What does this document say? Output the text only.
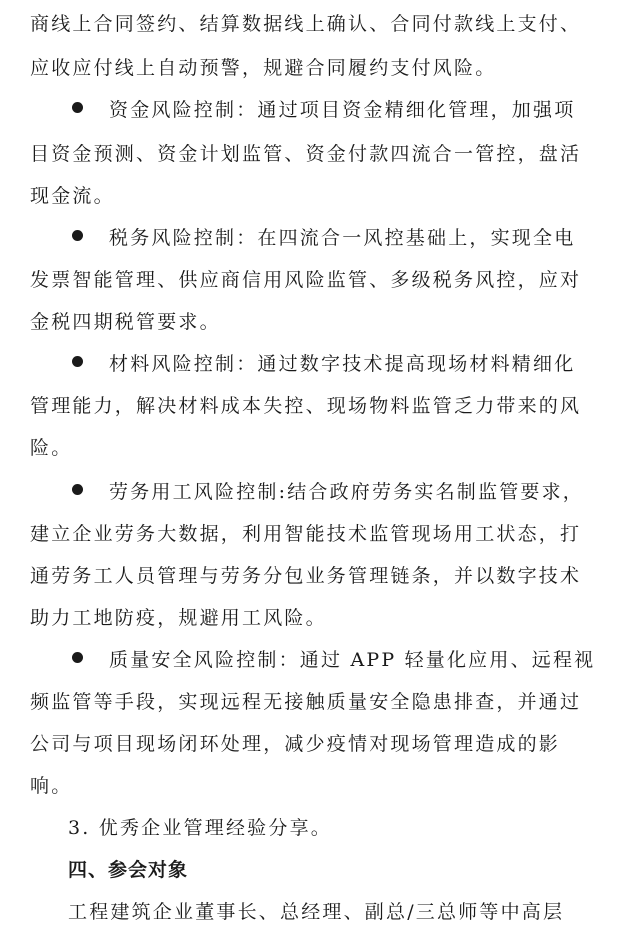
商线上合同签约、结算数据线上确认、合同付款线上支付、
应收应付线上自动预警，规避合同履约支付风险。
资金风险控制：通过项目资金精细化管理，加强项
目资金预测、资金计划监管、资金付款四流合一管控，盘活
现金流。
税务风险控制：在四流合一风控基础上，实现全电
发票智能管理、供应商信用风险监管、多级税务风控，应对
金税四期税管要求。
材料风险控制：通过数字技术提高现场材料精细化
管理能力，解决材料成本失控、现场物料监管乏力带来的风
险。
劳务用工风险控制:结合政府劳务实名制监管要求，
建立企业劳务大数据，利用智能技术监管现场用工状态，打
通劳务工人员管理与劳务分包业务管理链条，并以数字技术
助力工地防疫，规避用工风险。
质量安全风险控制：通过 APP 轻量化应用、远程视
频监管等手段，实现远程无接触质量安全隐患排查，并通过
公司与项目现场闭环处理，减少疫情对现场管理造成的影
响。
3. 优秀企业管理经验分享。
四、参会对象
工程建筑企业董事长、总经理、副总/三总师等中高层
